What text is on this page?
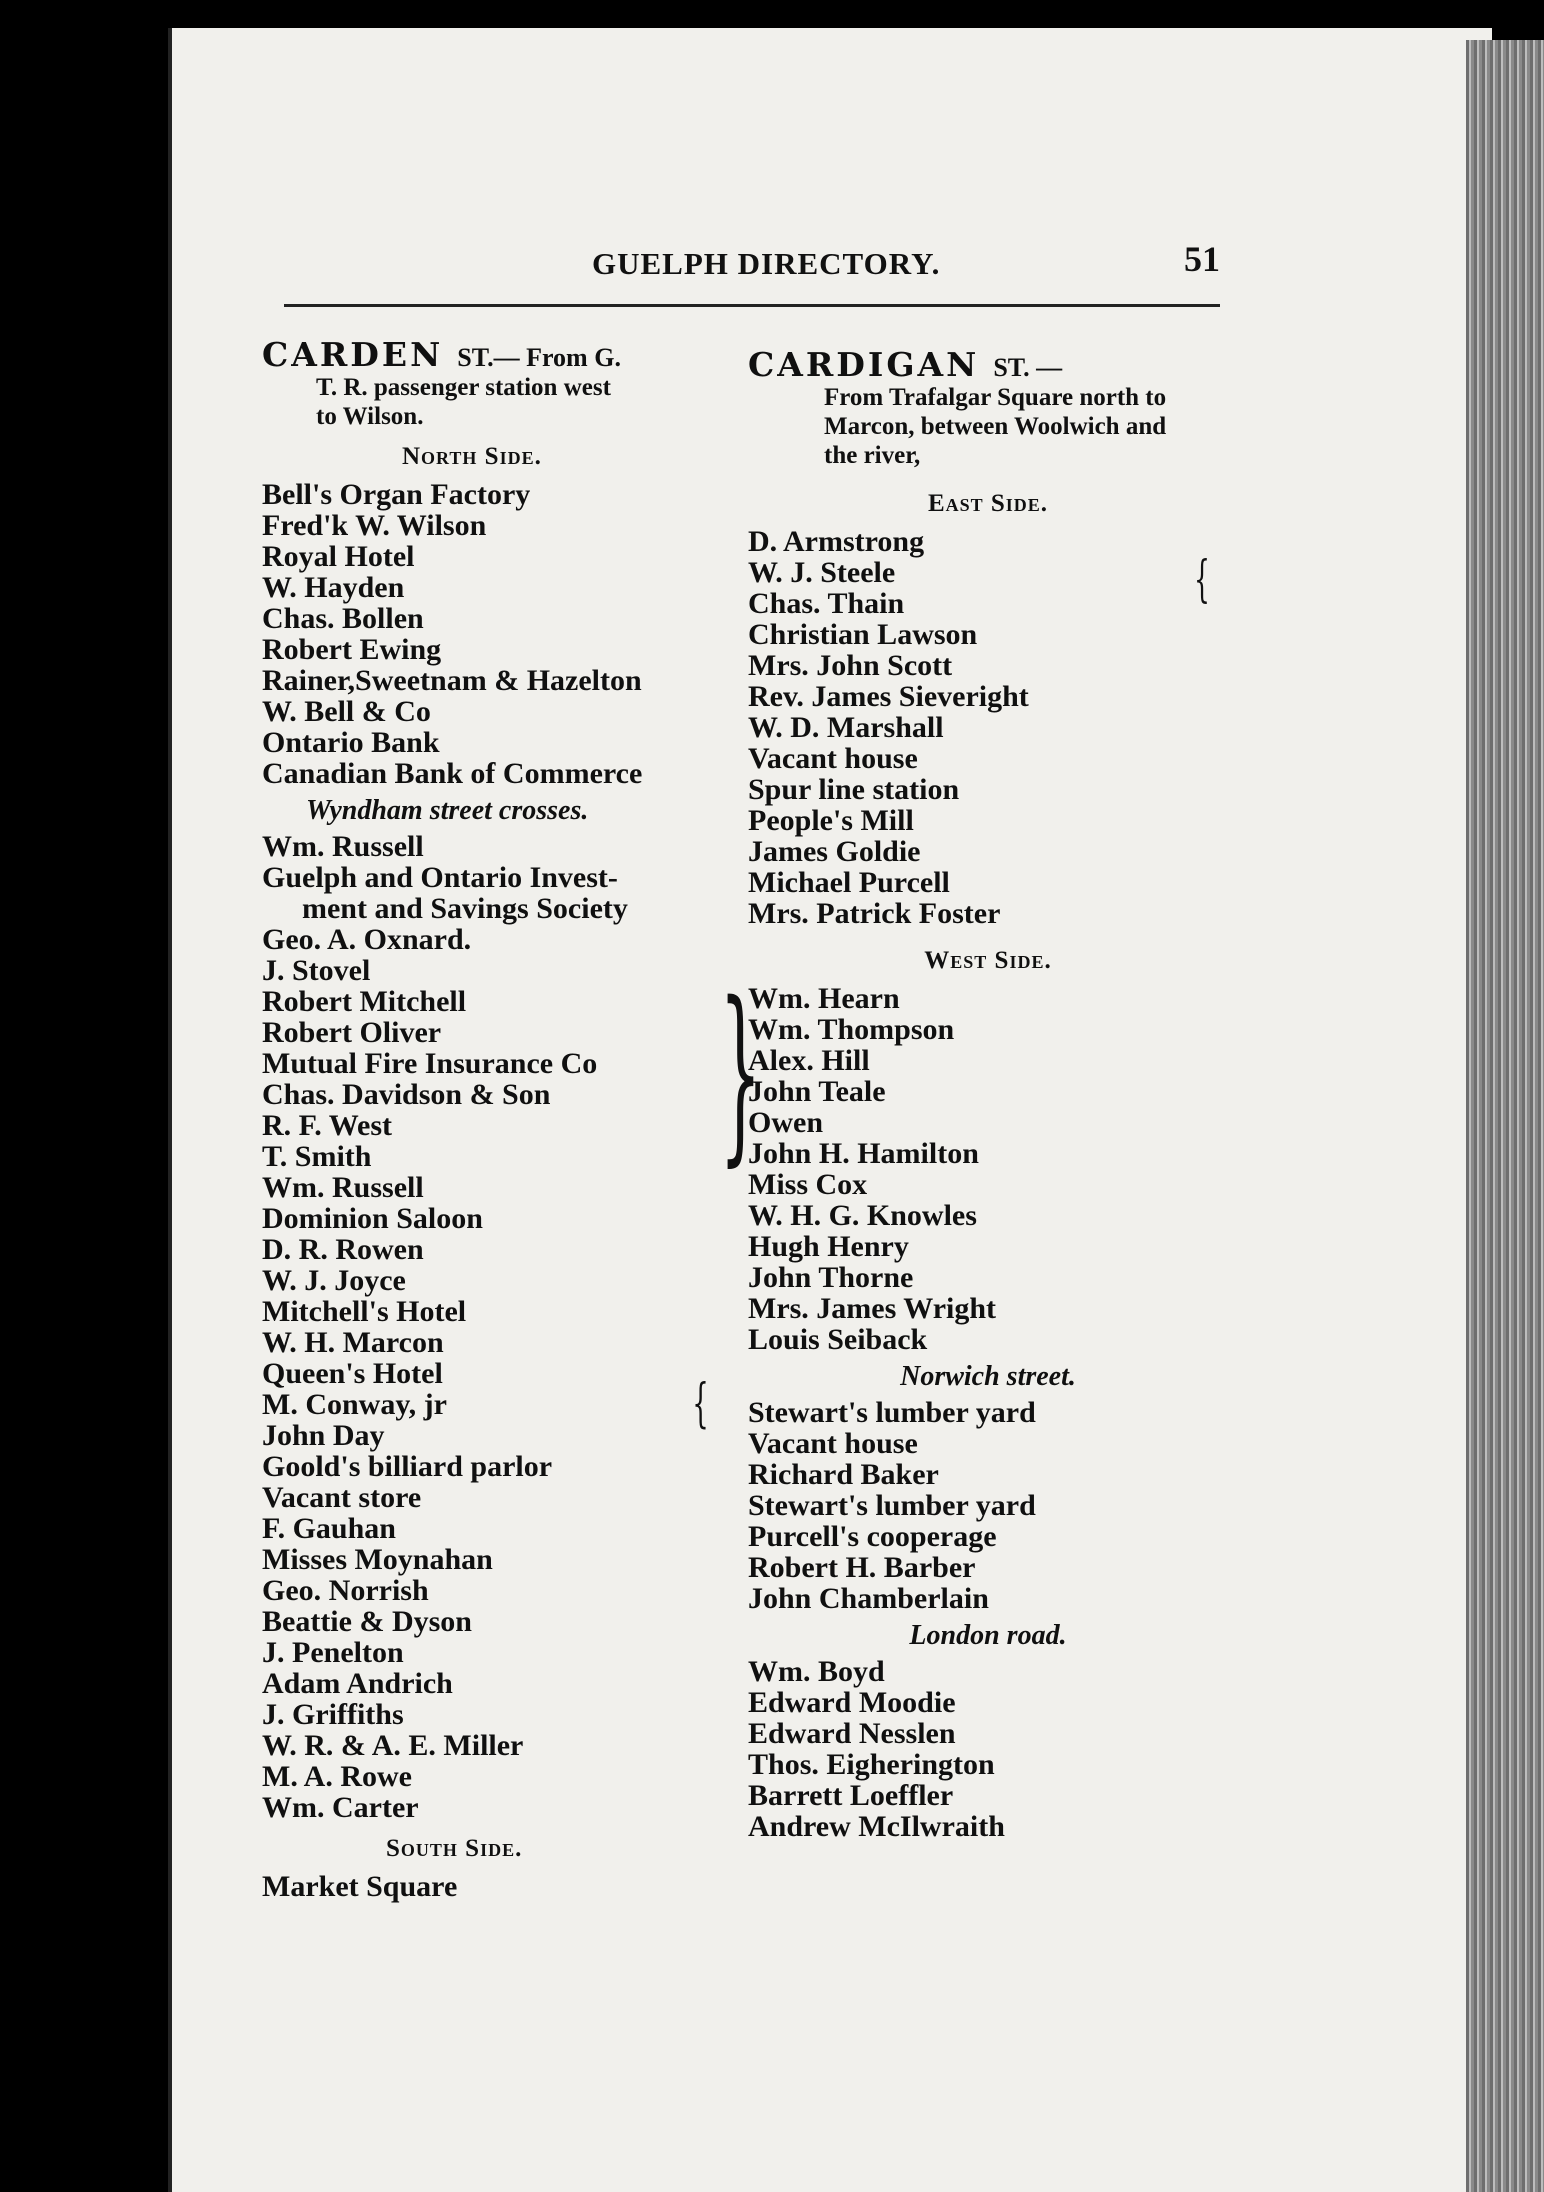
GUELPH DIRECTORY.	51
CARDEN ST.— From G.
T. R. passenger station west
to Wilson.
North Side.
Bell's Organ Factory
Fred'k W. Wilson
Royal Hotel
W. Hayden
Chas. Bollen
Robert Ewing
Rainer,Sweetnam & Hazelton
W. Bell & Co
Ontario Bank
Canadian Bank of Commerce
Wyndham street crosses.
Wm. Russell
Guelph and Ontario Invest-
ment and Savings Society
Geo. A. Oxnard.
J. Stovel
Robert Mitchell
Robert Oliver
Mutual Fire Insurance Co
Chas. Davidson & Son
R. F. West
T. Smith
Wm. Russell
Dominion Saloon
D. R. Rowen
W. J. Joyce
Mitchell's Hotel
W. H. Marcon
Queen's Hotel
M. Conway, jr
John Day
Goold's billiard parlor
Vacant store
F. Gauhan
Misses Moynahan
Geo. Norrish
Beattie & Dyson
J. Penelton
Adam Andrich
J. Griffiths
W. R. & A. E. Miller
M. A. Rowe
Wm. Carter
South Side.
Market Square
CARDIGAN ST. —
From Trafalgar Square north to
Marcon, between Woolwich and
the river,
East Side.
D. Armstrong
W. J. Steele
Chas. Thain
Christian Lawson
Mrs. John Scott
Rev. James Sieveright
W. D. Marshall
Vacant house
Spur line station
People's Mill
James Goldie
Michael Purcell
Mrs. Patrick Foster
West Side.
Wm. Hearn
Wm. Thompson
Alex. Hill
John Teale
Owen
John H. Hamilton
Miss Cox
W. H. G. Knowles
Hugh Henry
John Thorne
Mrs. James Wright
Louis Seiback
Norwich street.
Stewart's lumber yard
Vacant house
Richard Baker
Stewart's lumber yard
Purcell's cooperage
Robert H. Barber
John Chamberlain
London road.
Wm. Boyd
Edward Moodie
Edward Nesslen
Thos. Eigherington
Barrett Loeffler
Andrew McIlwraith
}
{
{
